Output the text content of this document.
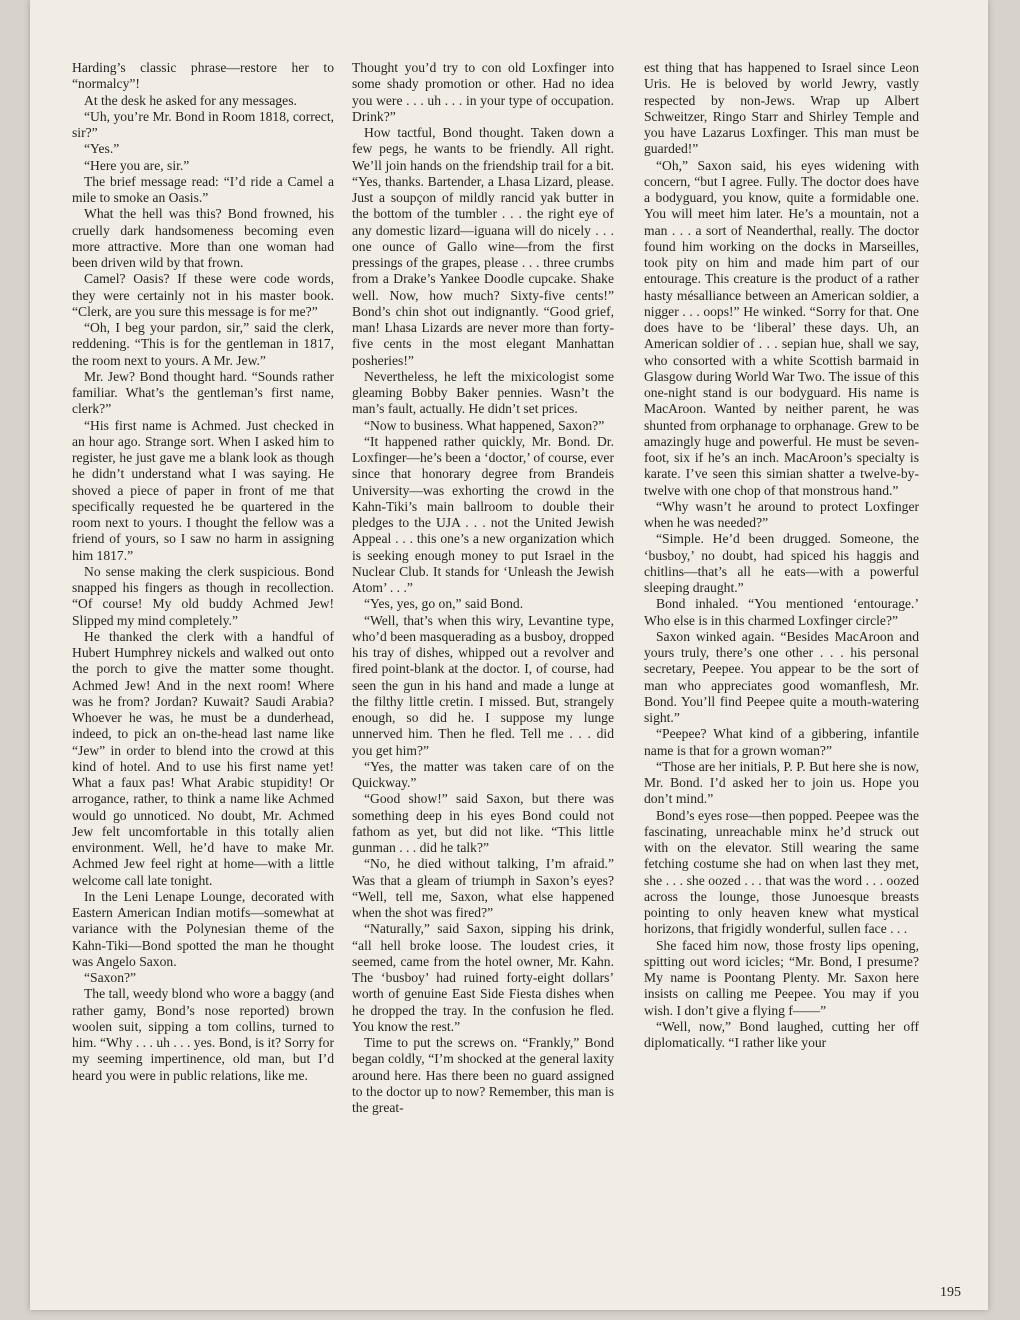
Harding’s classic phrase—restore her to “normalcy”!

At the desk he asked for any messages.

“Uh, you’re Mr. Bond in Room 1818, correct, sir?”

“Yes.”

“Here you are, sir.”

The brief message read: “I’d ride a Camel a mile to smoke an Oasis.”

What the hell was this? Bond frowned, his cruelly dark handsomeness becoming even more attractive. More than one woman had been driven wild by that frown.

Camel? Oasis? If these were code words, they were certainly not in his master book. “Clerk, are you sure this message is for me?”

“Oh, I beg your pardon, sir,” said the clerk, reddening. “This is for the gentleman in 1817, the room next to yours. A Mr. Jew.”

Mr. Jew? Bond thought hard. “Sounds rather familiar. What’s the gentleman’s first name, clerk?”

“His first name is Achmed. Just checked in an hour ago. Strange sort. When I asked him to register, he just gave me a blank look as though he didn’t understand what I was saying. He shoved a piece of paper in front of me that specifically requested he be quartered in the room next to yours. I thought the fellow was a friend of yours, so I saw no harm in assigning him 1817.”

No sense making the clerk suspicious. Bond snapped his fingers as though in recollection. “Of course! My old buddy Achmed Jew! Slipped my mind completely.”

He thanked the clerk with a handful of Hubert Humphrey nickels and walked out onto the porch to give the matter some thought. Achmed Jew! And in the next room! Where was he from? Jordan? Kuwait? Saudi Arabia? Whoever he was, he must be a dunderhead, indeed, to pick an on-the-head last name like “Jew” in order to blend into the crowd at this kind of hotel. And to use his first name yet! What a faux pas! What Arabic stupidity! Or arrogance, rather, to think a name like Achmed would go unnoticed. No doubt, Mr. Achmed Jew felt uncomfortable in this totally alien environment. Well, he’d have to make Mr. Achmed Jew feel right at home—with a little welcome call late tonight.

In the Leni Lenape Lounge, decorated with Eastern American Indian motifs—somewhat at variance with the Polynesian theme of the Kahn-Tiki—Bond spotted the man he thought was Angelo Saxon.

“Saxon?”

The tall, weedy blond who wore a baggy (and rather gamy, Bond’s nose reported) brown woolen suit, sipping a tom collins, turned to him. “Why . . . uh . . . yes. Bond, is it? Sorry for my seeming impertinence, old man, but I’d heard you were in public relations, like me.

Thought you’d try to con old Loxfinger into some shady promotion or other. Had no idea you were . . . uh . . . in your type of occupation. Drink?”

How tactful, Bond thought. Taken down a few pegs, he wants to be friendly. All right. We’ll join hands on the friendship trail for a bit. “Yes, thanks. Bartender, a Lhasa Lizard, please. Just a soupçon of mildly rancid yak butter in the bottom of the tumbler . . . the right eye of any domestic lizard—iguana will do nicely . . . one ounce of Gallo wine—from the first pressings of the grapes, please . . . three crumbs from a Drake’s Yankee Doodle cupcake. Shake well. Now, how much? Sixty-five cents!” Bond’s chin shot out indignantly. “Good grief, man! Lhasa Lizards are never more than forty-five cents in the most elegant Manhattan posheries!”

Nevertheless, he left the mixicologist some gleaming Bobby Baker pennies. Wasn’t the man’s fault, actually. He didn’t set prices.

“Now to business. What happened, Saxon?”

“It happened rather quickly, Mr. Bond. Dr. Loxfinger—he’s been a ‘doctor,’ of course, ever since that honorary degree from Brandeis University—was exhorting the crowd in the Kahn-Tiki’s main ballroom to double their pledges to the UJA . . . not the United Jewish Appeal . . . this one’s a new organization which is seeking enough money to put Israel in the Nuclear Club. It stands for ‘Unleash the Jewish Atom’ . . .”

“Yes, yes, go on,” said Bond.

“Well, that’s when this wiry, Levantine type, who’d been masquerading as a busboy, dropped his tray of dishes, whipped out a revolver and fired point-blank at the doctor. I, of course, had seen the gun in his hand and made a lunge at the filthy little cretin. I missed. But, strangely enough, so did he. I suppose my lunge unnerved him. Then he fled. Tell me . . . did you get him?”

“Yes, the matter was taken care of on the Quickway.”

“Good show!” said Saxon, but there was something deep in his eyes Bond could not fathom as yet, but did not like. “This little gunman . . . did he talk?”

“No, he died without talking, I’m afraid.” Was that a gleam of triumph in Saxon’s eyes? “Well, tell me, Saxon, what else happened when the shot was fired?”

“Naturally,” said Saxon, sipping his drink, “all hell broke loose. The loudest cries, it seemed, came from the hotel owner, Mr. Kahn. The ‘busboy’ had ruined forty-eight dollars’ worth of genuine East Side Fiesta dishes when he dropped the tray. In the confusion he fled. You know the rest.”

Time to put the screws on. “Frankly,” Bond began coldly, “I’m shocked at the general laxity around here. Has there been no guard assigned to the doctor up to now? Remember, this man is the great-

est thing that has happened to Israel since Leon Uris. He is beloved by world Jewry, vastly respected by non-Jews. Wrap up Albert Schweitzer, Ringo Starr and Shirley Temple and you have Lazarus Loxfinger. This man must be guarded!”

“Oh,” Saxon said, his eyes widening with concern, “but I agree. Fully. The doctor does have a bodyguard, you know, quite a formidable one. You will meet him later. He’s a mountain, not a man . . . a sort of Neanderthal, really. The doctor found him working on the docks in Marseilles, took pity on him and made him part of our entourage. This creature is the product of a rather hasty mésalliance between an American soldier, a nigger . . . oops!” He winked. “Sorry for that. One does have to be ‘liberal’ these days. Uh, an American soldier of . . . sepian hue, shall we say, who consorted with a white Scottish barmaid in Glasgow during World War Two. The issue of this one-night stand is our bodyguard. His name is MacAroon. Wanted by neither parent, he was shunted from orphanage to orphanage. Grew to be amazingly huge and powerful. He must be seven-foot, six if he’s an inch. MacAroon’s specialty is karate. I’ve seen this simian shatter a twelve-by-twelve with one chop of that monstrous hand.”

“Why wasn’t he around to protect Loxfinger when he was needed?”

“Simple. He’d been drugged. Someone, the ‘busboy,’ no doubt, had spiced his haggis and chitlins—that’s all he eats—with a powerful sleeping draught.”

Bond inhaled. “You mentioned ‘entourage.’ Who else is in this charmed Loxfinger circle?”

Saxon winked again. “Besides MacAroon and yours truly, there’s one other . . . his personal secretary, Peepee. You appear to be the sort of man who appreciates good womanflesh, Mr. Bond. You’ll find Peepee quite a mouth-watering sight.”

“Peepee? What kind of a gibbering, infantile name is that for a grown woman?”

“Those are her initials, P. P. But here she is now, Mr. Bond. I’d asked her to join us. Hope you don’t mind.”

Bond’s eyes rose—then popped. Peepee was the fascinating, unreachable minx he’d struck out with on the elevator. Still wearing the same fetching costume she had on when last they met, she . . . she oozed . . . that was the word . . . oozed across the lounge, those Junoesque breasts pointing to only heaven knew what mystical horizons, that frigidly wonderful, sullen face . . .

She faced him now, those frosty lips opening, spitting out word icicles; “Mr. Bond, I presume? My name is Poontang Plenty. Mr. Saxon here insists on calling me Peepee. You may if you wish. I don’t give a flying f——”

“Well, now,” Bond laughed, cutting her off diplomatically. “I rather like your

195
